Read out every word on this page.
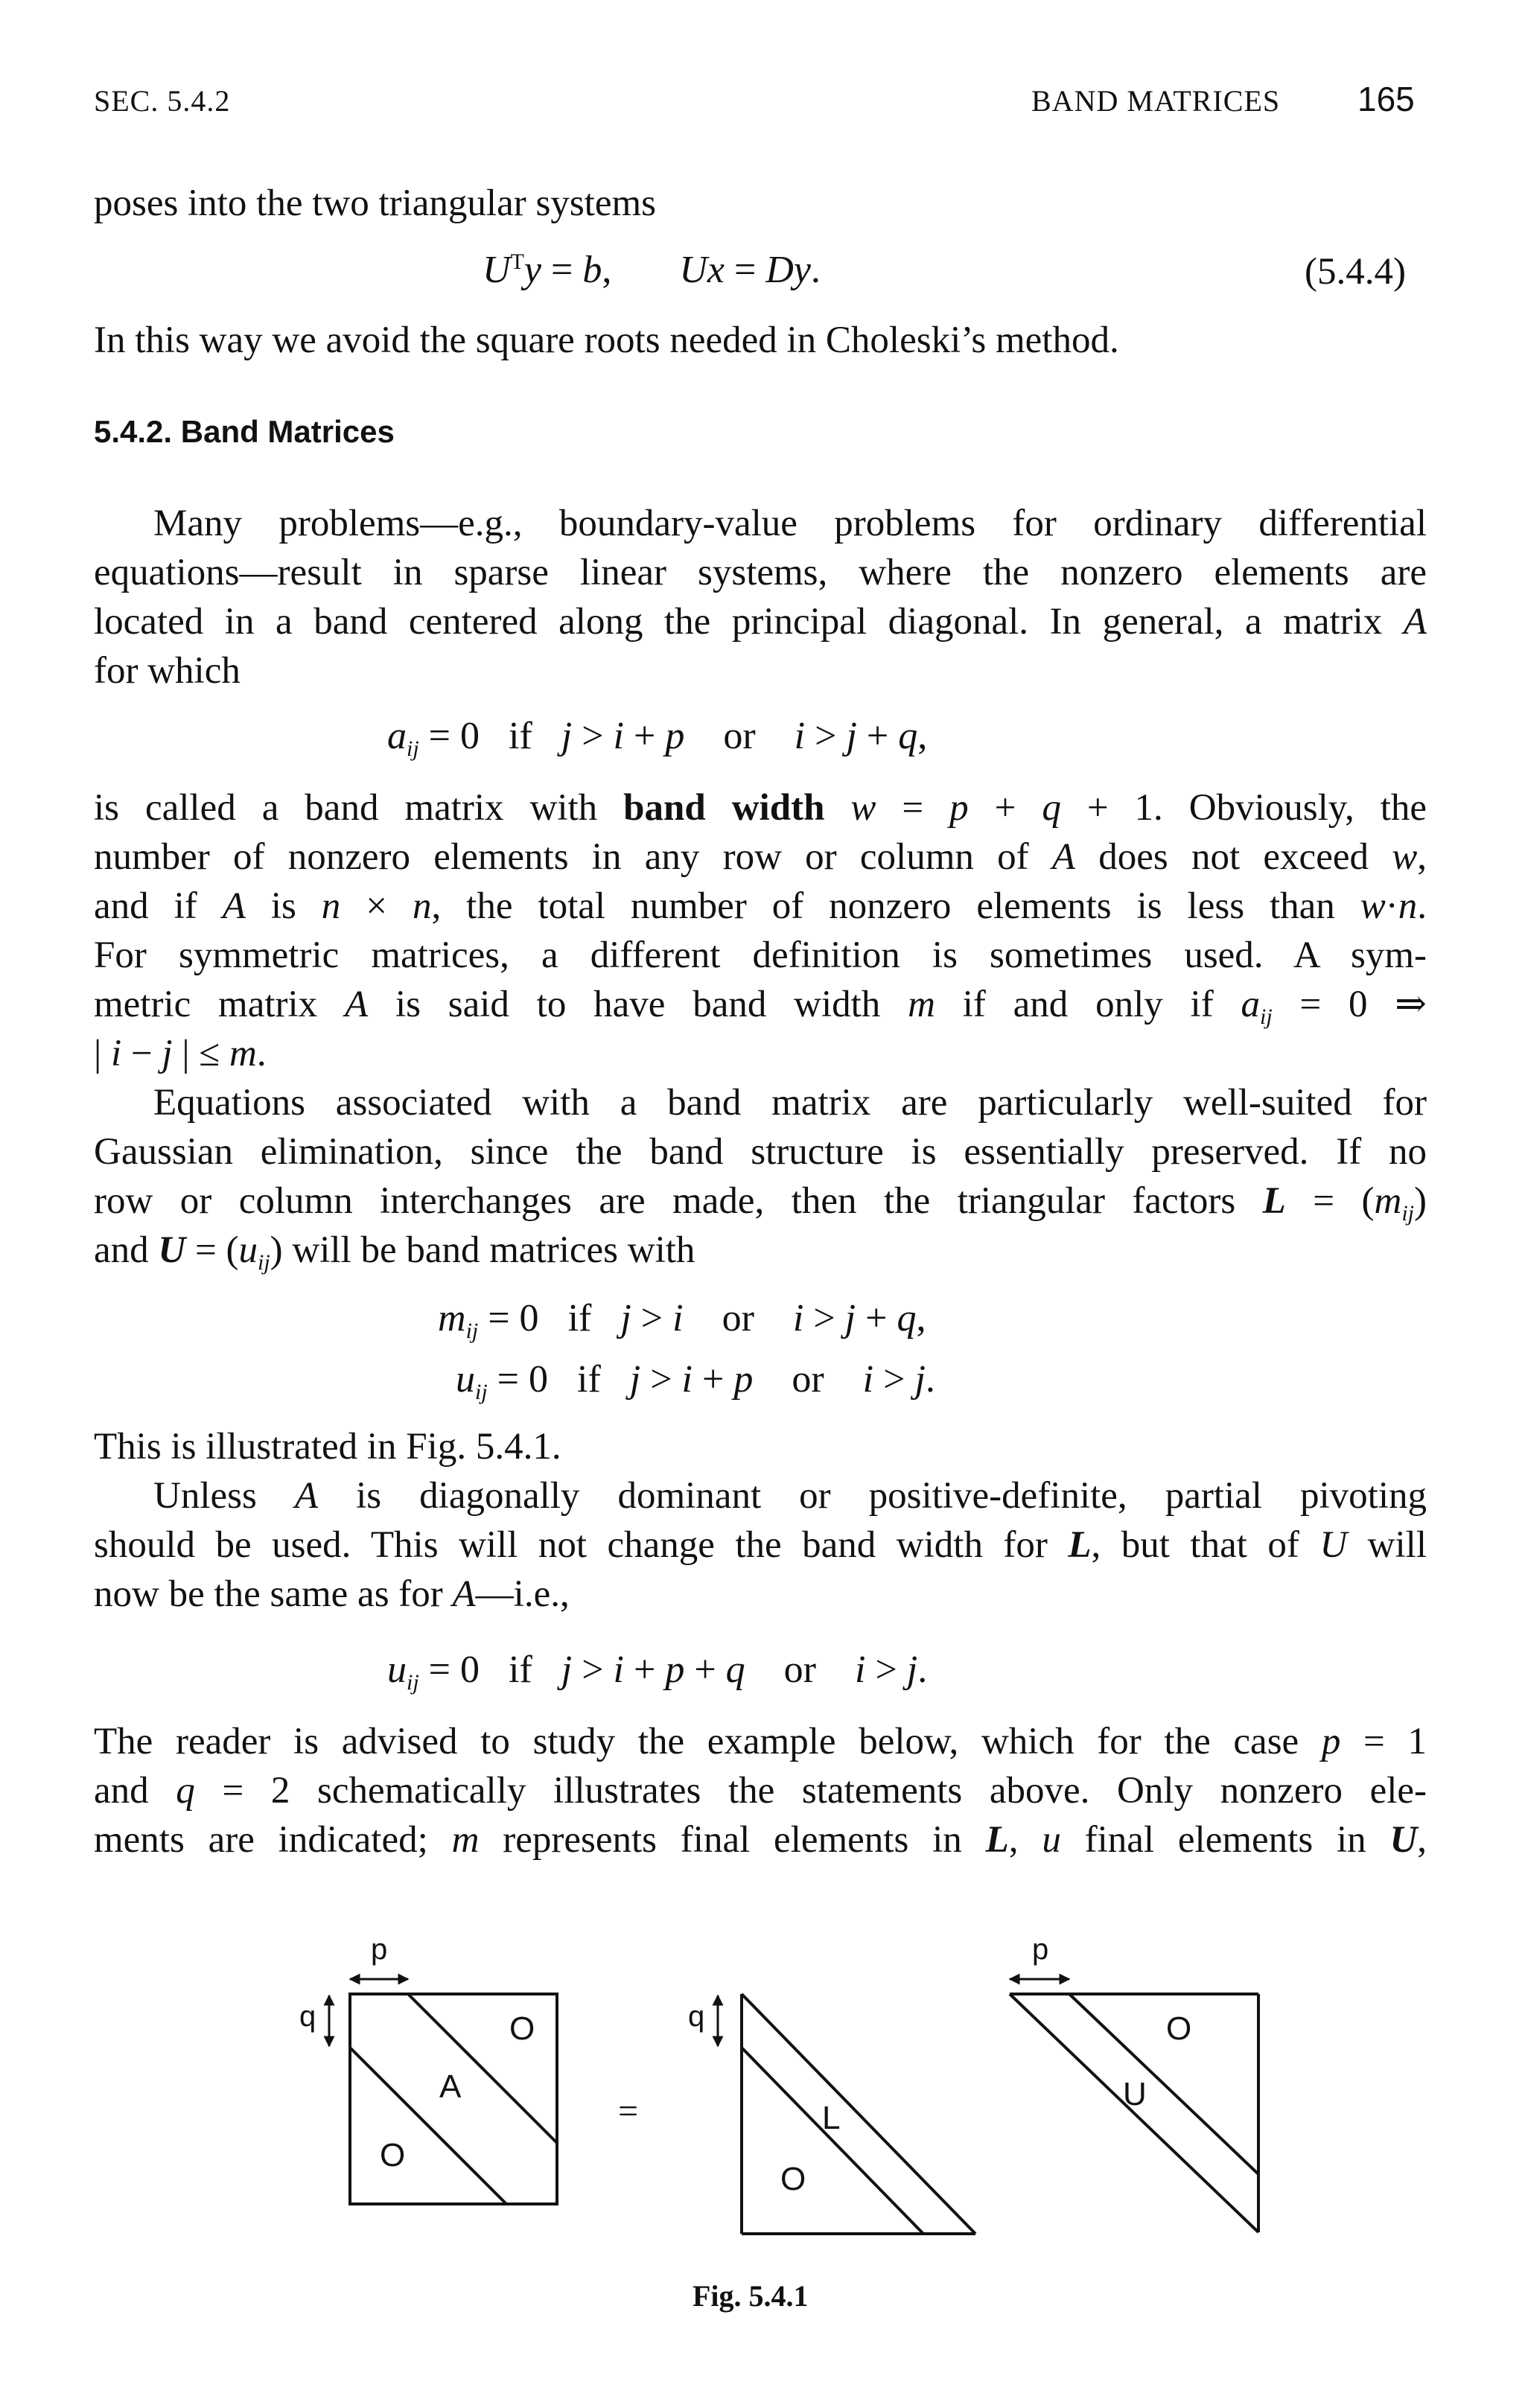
SEC. 5.4.2	BAND MATRICES 165
poses into the two triangular systems
$U^Ty = b$,       Ux = Dy.	(5.4.4)
In this way we avoid the square roots needed in Choleski’s method.
5.4.2. Band Matrices
Many problems—e.g., boundary-value problems for ordinary differential
equations—result in sparse linear systems, where the nonzero elements are
located in a band centered along the principal diagonal. In general, a matrix A
for which
$a_{ij} = 0$   if j > i + p or i > j + q,
is called a band matrix with band width w = p + q + 1. Obviously, the
number of nonzero elements in any row or column of A does not exceed w,
and if A is n × n, the total number of nonzero elements is less than w·n.
For symmetric matrices, a different definition is sometimes used. A sym-
metric matrix A is said to have band width m if and only if $a_{ij} = 0$ ⇒
| i − j | ≤ m.
Equations associated with a band matrix are particularly well-suited for
Gaussian elimination, since the band structure is essentially preserved. If no
row or column interchanges are made, then the triangular factors $L = (m_{ij})$
and $U = (u_{ij})$ will be band matrices with
$m_{ij} = 0$   if j > i or i > j + q,
$u_{ij} = 0$   if j > i + p or i > j.
This is illustrated in Fig. 5.4.1.
Unless A is diagonally dominant or positive-definite, partial pivoting
should be used. This will not change the band width for L, but that of U will
now be the same as for A—i.e.,
$u_{ij} = 0$   if j > i + p + q or i > j.
The reader is advised to study the example below, which for the case p = 1
and q = 2 schematically illustrates the statements above. Only nonzero ele-
ments are indicated; m represents final elements in L, u final elements in U,
p
q	O
A
O
=
q
L
O
p
O
U
Fig. 5.4.1
